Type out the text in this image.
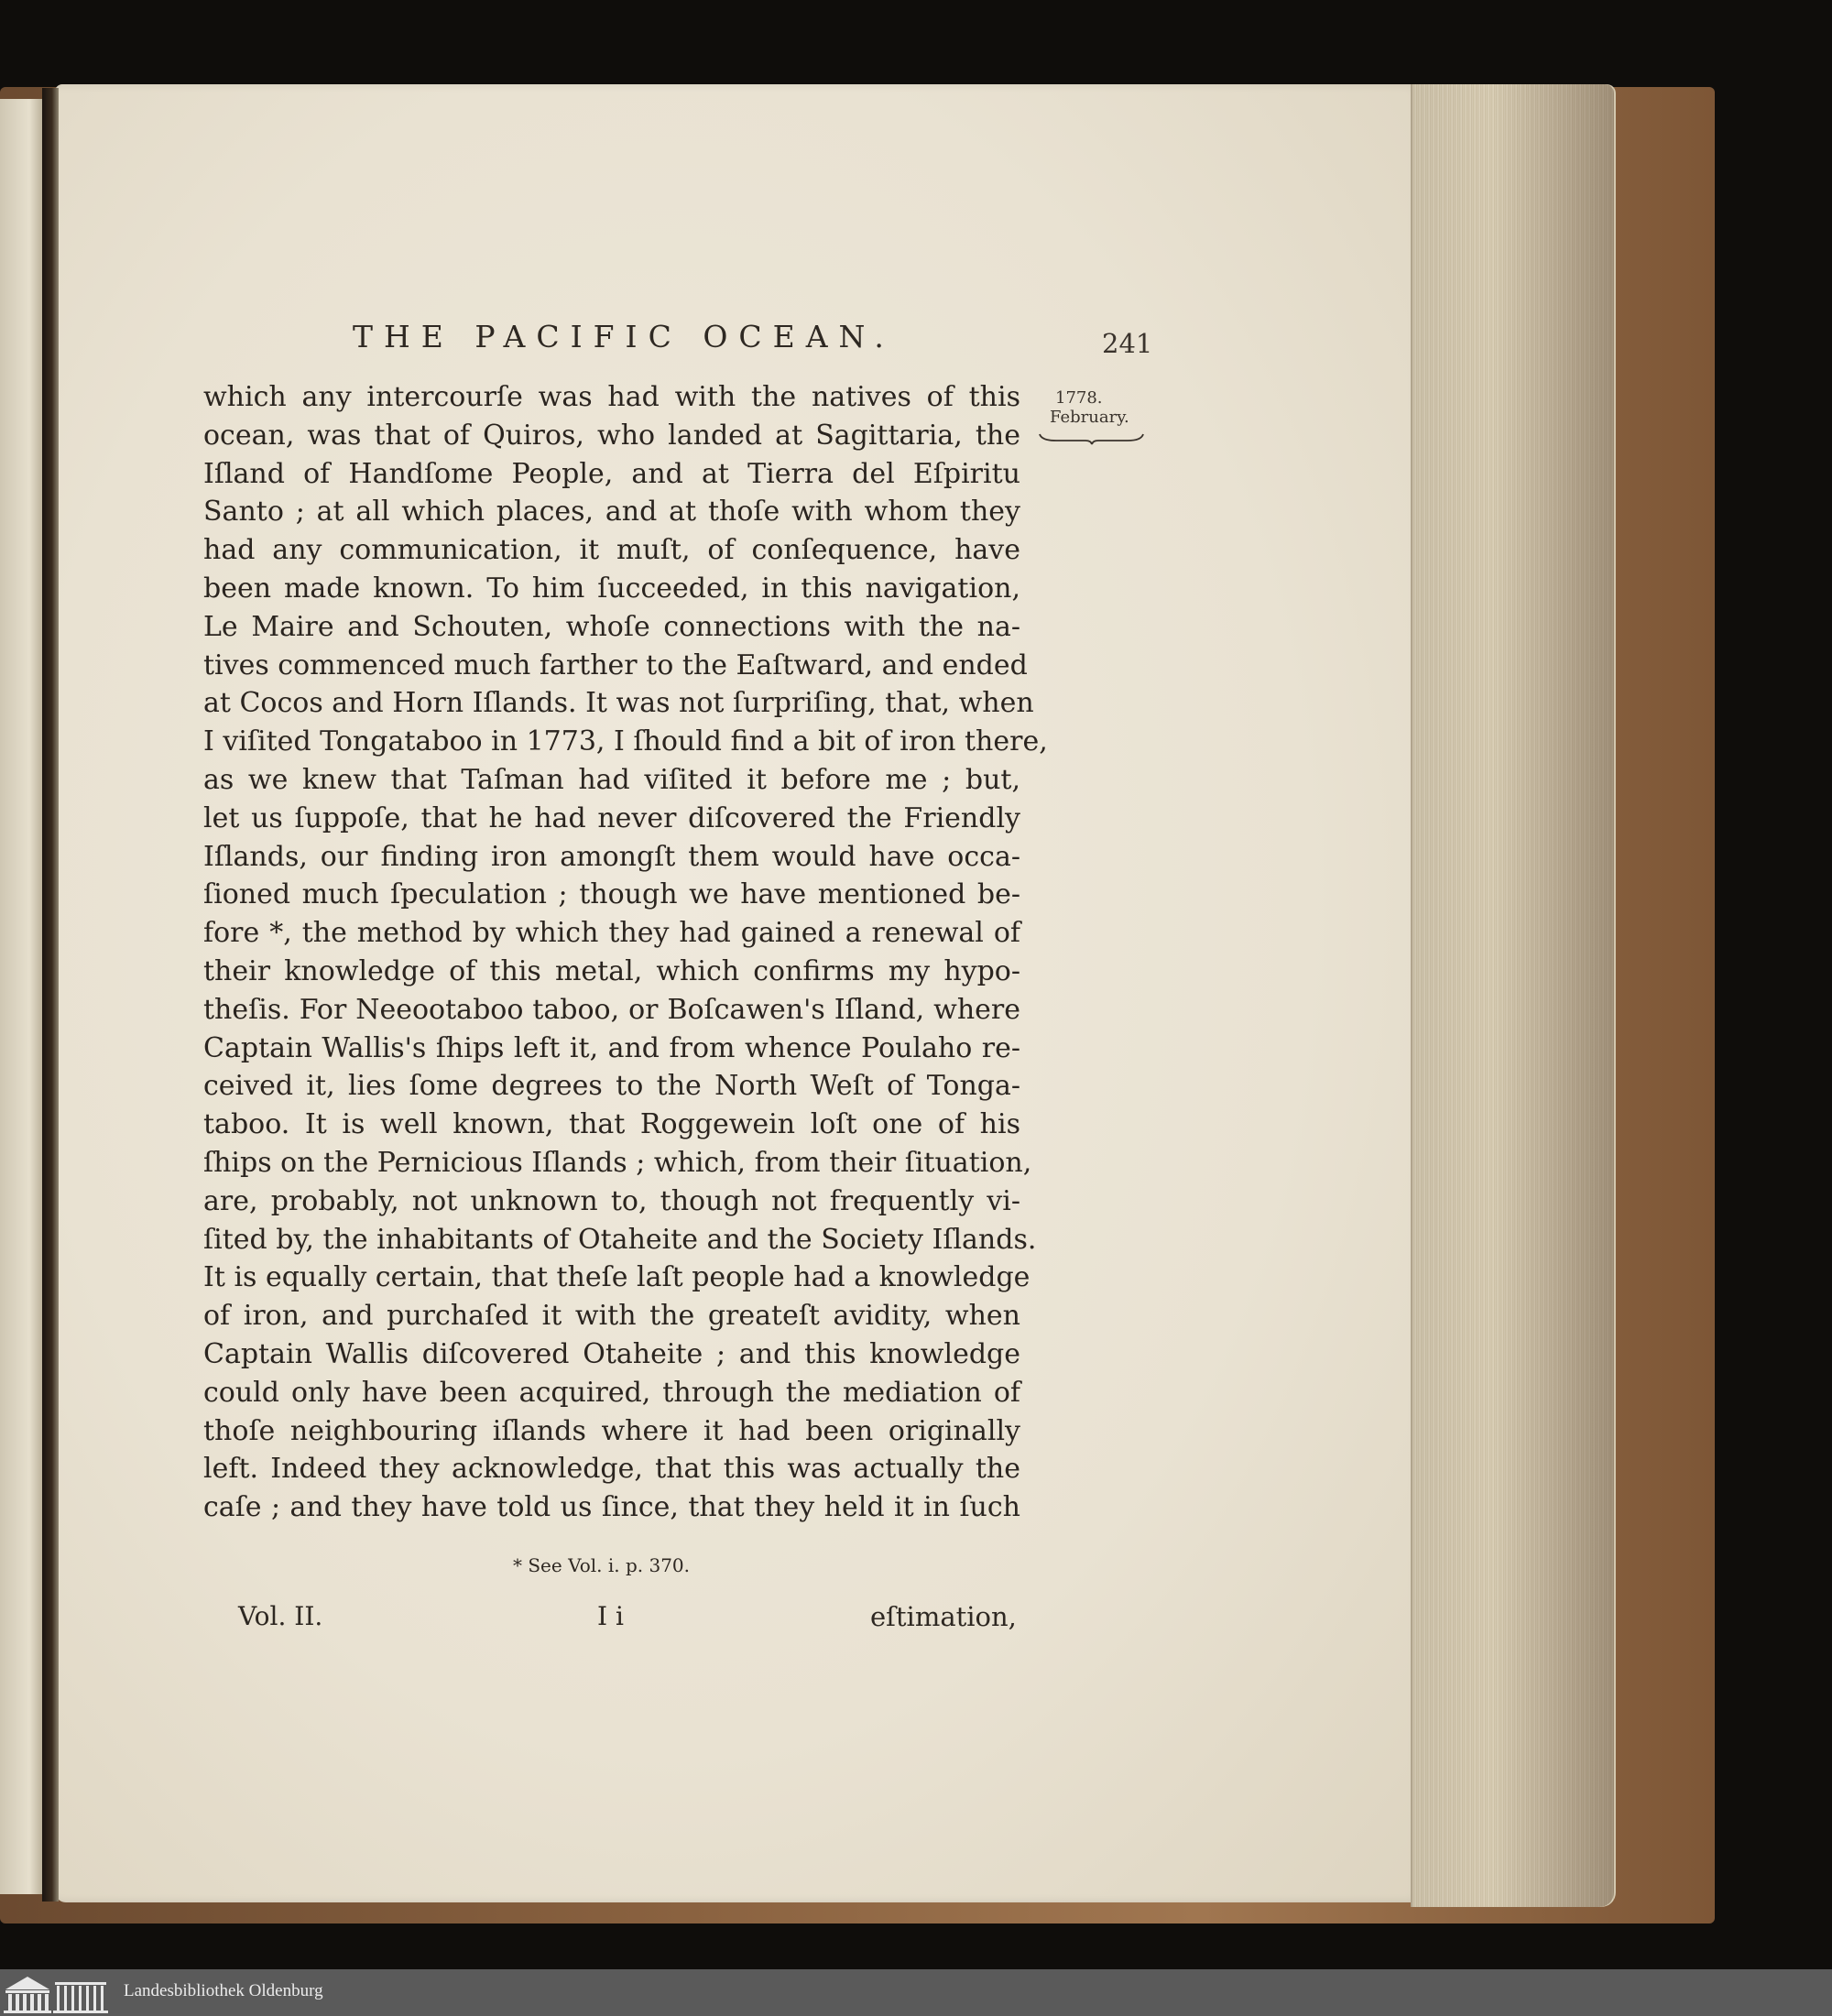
THE PACIFIC OCEAN.	241
1778.
February.
which any intercourſe was had with the natives of this
ocean, was that of Quiros, who landed at Sagittaria, the
Iſland of Handſome People, and at Tierra del Eſpiritu
Santo ; at all which places, and at thoſe with whom they
had any communication, it muſt, of conſequence, have
been made known. To him ſucceeded, in this navigation,
Le Maire and Schouten, whoſe connections with the na-
tives commenced much farther to the Eaſtward, and ended
at Cocos and Horn Iſlands. It was not ſurpriſing, that, when
I viſited Tongataboo in 1773, I ſhould find a bit of iron there,
as we knew that Taſman had viſited it before me ; but,
let us ſuppoſe, that he had never diſcovered the Friendly
Iſlands, our finding iron amongſt them would have occa-
ſioned much ſpeculation ; though we have mentioned be-
fore *, the method by which they had gained a renewal of
their knowledge of this metal, which confirms my hypo-
theſis. For Neeootaboo taboo, or Boſcawen's Iſland, where
Captain Wallis's ſhips left it, and from whence Poulaho re-
ceived it, lies ſome degrees to the North Weſt of Tonga-
taboo. It is well known, that Roggewein loſt one of his
ſhips on the Pernicious Iſlands ; which, from their ſituation,
are, probably, not unknown to, though not frequently vi-
ſited by, the inhabitants of Otaheite and the Society Iſlands.
It is equally certain, that theſe laſt people had a knowledge
of iron, and purchaſed it with the greateſt avidity, when
Captain Wallis diſcovered Otaheite ; and this knowledge
could only have been acquired, through the mediation of
thoſe neighbouring iſlands where it had been originally
left. Indeed they acknowledge, that this was actually the
caſe ; and they have told us ſince, that they held it in ſuch
* See Vol. i. p. 370.
Vol. II.	I i	eſtimation,
Landesbibliothek Oldenburg
